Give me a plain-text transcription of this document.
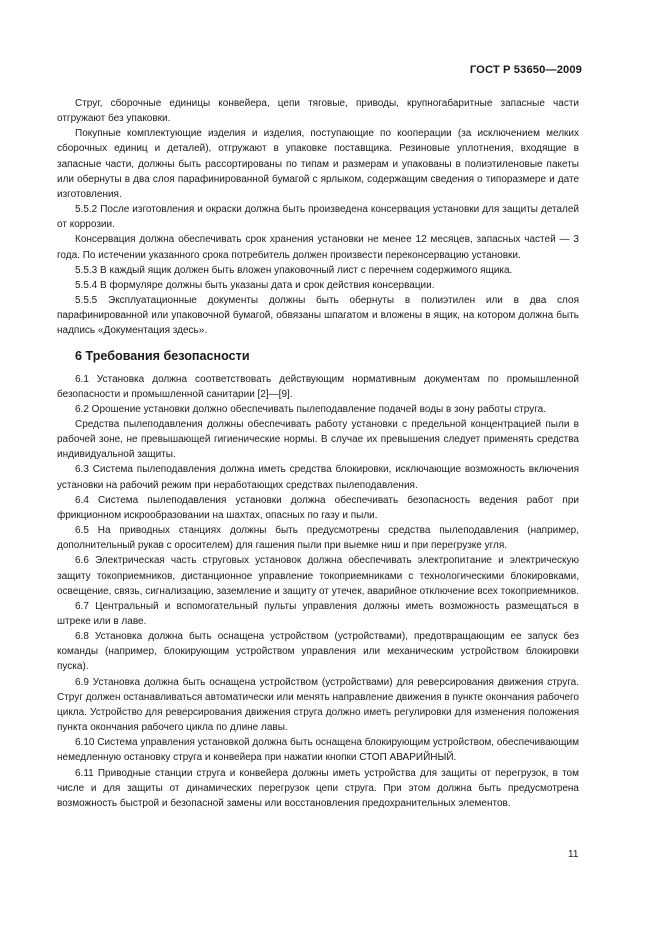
ГОСТ Р 53650—2009

Струг, сборочные единицы конвейера, цепи тяговые, приводы, крупногабаритные запасные части отгружают без упаковки.

Покупные комплектующие изделия и изделия, поступающие по кооперации (за исключением мелких сборочных единиц и деталей), отгружают в упаковке поставщика. Резиновые уплотнения, входящие в запасные части, должны быть рассортированы по типам и размерам и упакованы в полиэтиленовые пакеты или обернуты в два слоя парафинированной бумагой с ярлыком, содержащим сведения о типоразмере и дате изготовления.

5.5.2 После изготовления и окраски должна быть произведена консервация установки для защиты деталей от коррозии.

Консервация должна обеспечивать срок хранения установки не менее 12 месяцев, запасных частей — 3 года. По истечении указанного срока потребитель должен произвести переконсервацию установки.

5.5.3 В каждый ящик должен быть вложен упаковочный лист с перечнем содержимого ящика.

5.5.4 В формуляре должны быть указаны дата и срок действия консервации.

5.5.5 Эксплуатационные документы должны быть обернуты в полиэтилен или в два слоя парафинированной или упаковочной бумагой, обвязаны шпагатом и вложены в ящик, на котором должна быть надпись «Документация здесь».

6 Требования безопасности

6.1 Установка должна соответствовать действующим нормативным документам по промышленной безопасности и промышленной санитарии [2]—[9].

6.2 Орошение установки должно обеспечивать пылеподавление подачей воды в зону работы струга.

Средства пылеподавления должны обеспечивать работу установки с предельной концентрацией пыли в рабочей зоне, не превышающей гигиенические нормы. В случае их превышения следует применять средства индивидуальной защиты.

6.3 Система пылеподавления должна иметь средства блокировки, исключающие возможность включения установки на рабочий режим при неработающих средствах пылеподавления.

6.4 Система пылеподавления установки должна обеспечивать безопасность ведения работ при фрикционном искрообразовании на шахтах, опасных по газу и пыли.

6.5 На приводных станциях должны быть предусмотрены средства пылеподавления (например, дополнительный рукав с оросителем) для гашения пыли при выемке ниш и при перегрузке угля.

6.6 Электрическая часть струговых установок должна обеспечивать электропитание и электрическую защиту токоприемников, дистанционное управление токоприемниками с технологическими блокировками, освещение, связь, сигнализацию, заземление и защиту от утечек, аварийное отключение всех токоприемников.

6.7 Центральный и вспомогательный пульты управления должны иметь возможность размещаться в штреке или в лаве.

6.8 Установка должна быть оснащена устройством (устройствами), предотвращающим ее запуск без команды (например, блокирующим устройством управления или механическим устройством блокировки пуска).

6.9 Установка должна быть оснащена устройством (устройствами) для реверсирования движения струга. Струг должен останавливаться автоматически или менять направление движения в пункте окончания рабочего цикла. Устройство для реверсирования движения струга должно иметь регулировки для изменения положения пункта окончания рабочего цикла по длине лавы.

6.10 Система управления установкой должна быть оснащена блокирующим устройством, обеспечивающим немедленную остановку струга и конвейера при нажатии кнопки СТОП АВАРИЙНЫЙ.

6.11 Приводные станции струга и конвейера должны иметь устройства для защиты от перегрузок, в том числе и для защиты от динамических перегрузок цепи струга. При этом должна быть предусмотрена возможность быстрой и безопасной замены или восстановления предохранительных элементов.

11
